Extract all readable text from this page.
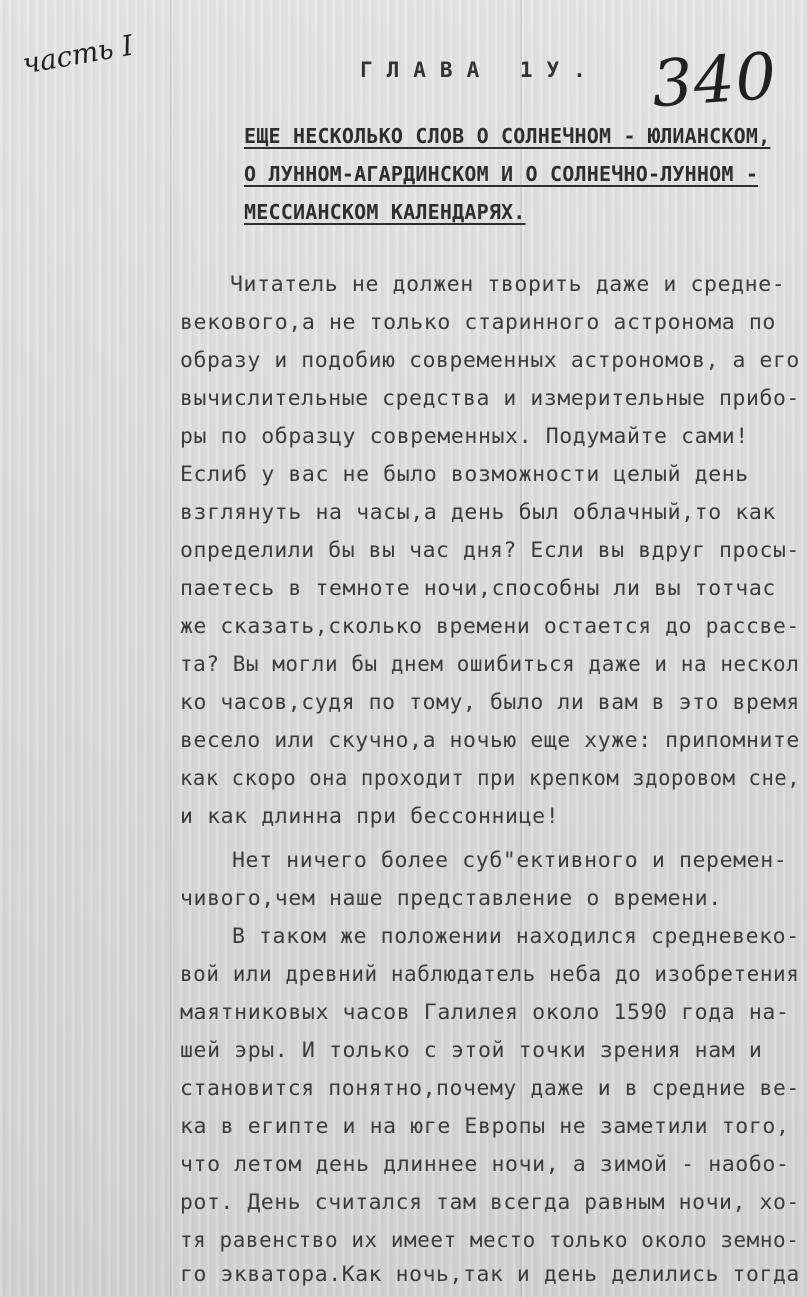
часть I	340
ГЛАВА 1У.
ЕЩЕ НЕСКОЛЬКО СЛОВ О СОЛНЕЧНОМ - ЮЛИАНСКОМ,
О ЛУННОМ-АГАРДИНСКОМ И О СОЛНЕЧНО-ЛУННОМ -
МЕССИАНСКОМ КАЛЕНДАРЯХ.
Читатель не должен творить даже и средне-
векового,а не только старинного астронома по
образу и подобию современных астрономов, а его
вычислительные средства и измерительные прибо-
ры по образцу современных. Подумайте сами!
Еслиб у вас не было возможности целый день
взглянуть на часы,а день был облачный,то как
определили бы вы час дня? Если вы вдруг просы-
паетесь в темноте ночи,способны ли вы тотчас
же сказать,сколько времени остается до рассве-
та? Вы могли бы днем ошибиться даже и на нескол
ко часов,судя по тому, было ли вам в это время
весело или скучно,а ночью еще хуже: припомните
как скоро она проходит при крепком здоровом сне,
и как длинна при бессоннице!
Нет ничего более суб"ективного и перемен-
чивого,чем наше представление о времени.
В таком же положении находился средневеко-
вой или древний наблюдатель неба до изобретения
маятниковых часов Галилея около 1590 года на-
шей эры. И только с этой точки зрения нам и
становится понятно,почему даже и в средние ве-
ка в египте и на юге Европы не заметили того,
что летом день длиннее ночи, а зимой - наобо-
рот. День считался там всегда равным ночи, хо-
тя равенство их имеет место только около земно-
го экватора.Как ночь,так и день делились тогда
